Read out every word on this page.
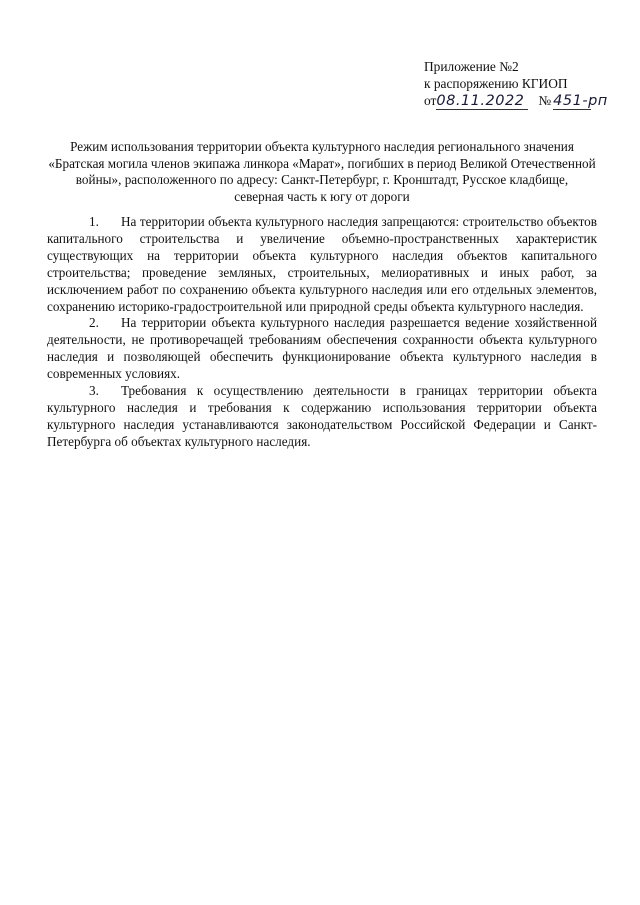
Приложение №2
к распоряжению КГИОП
от08.11.2022 № 451-рп
Режим использования территории объекта культурного наследия регионального значения
«Братская могила членов экипажа линкора «Марат», погибших в период Великой Отечественной
войны», расположенного по адресу: Санкт-Петербург, г. Кронштадт, Русское кладбище,
северная часть к югу от дороги

1. На территории объекта культурного наследия запрещаются: строительство объектов капитального строительства и увеличение объемно-пространственных характеристик существующих на территории объекта культурного наследия объектов капитального строительства; проведение земляных, строительных, мелиоративных и иных работ, за исключением работ по сохранению объекта культурного наследия или его отдельных элементов, сохранению историко-градостроительной или природной среды объекта культурного наследия.

2. На территории объекта культурного наследия разрешается ведение хозяйственной деятельности, не противоречащей требованиям обеспечения сохранности объекта культурного наследия и позволяющей обеспечить функционирование объекта культурного наследия в современных условиях.

3. Требования к осуществлению деятельности в границах территории объекта культурного наследия и требования к содержанию использования территории объекта культурного наследия устанавливаются законодательством Российской Федерации и Санкт-Петербурга об объектах культурного наследия.
